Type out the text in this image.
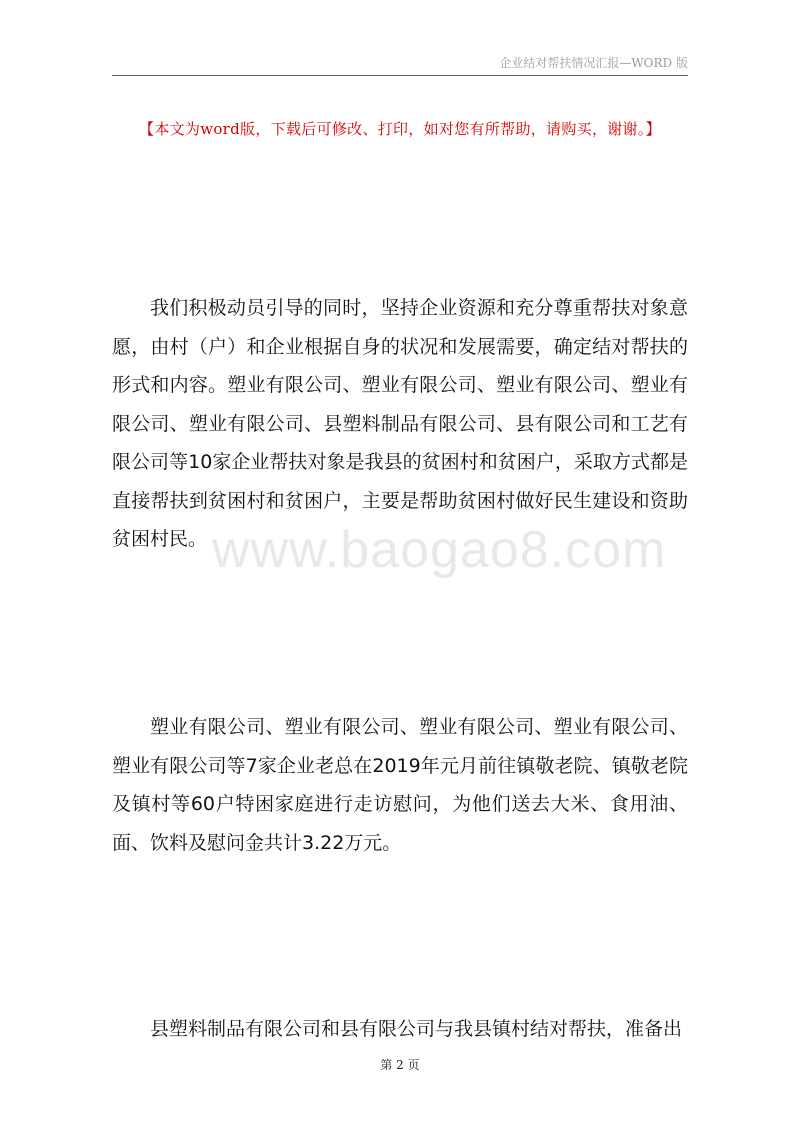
企业结对帮扶情况汇报—WORD 版
【本文为word版，下载后可修改、打印，如对您有所帮助，请购买，谢谢。】

我们积极动员引导的同时，坚持企业资源和充分尊重帮扶对象意愿，由村（户）和企业根据自身的状况和发展需要，确定结对帮扶的形式和内容。塑业有限公司、塑业有限公司、塑业有限公司、塑业有限公司、塑业有限公司、县塑料制品有限公司、县有限公司和工艺有限公司等10家企业帮扶对象是我县的贫困村和贫困户，采取方式都是直接帮扶到贫困村和贫困户，主要是帮助贫困村做好民生建设和资助贫困村民。 www.baogao8.com

塑业有限公司、塑业有限公司、塑业有限公司、塑业有限公司、塑业有限公司等7家企业老总在2019年元月前往镇敬老院、镇敬老院及镇村等60户特困家庭进行走访慰问，为他们送去大米、食用油、面、饮料及慰问金共计3.22万元。

县塑料制品有限公司和县有限公司与我县镇村结对帮扶，准备出

第 2 页
